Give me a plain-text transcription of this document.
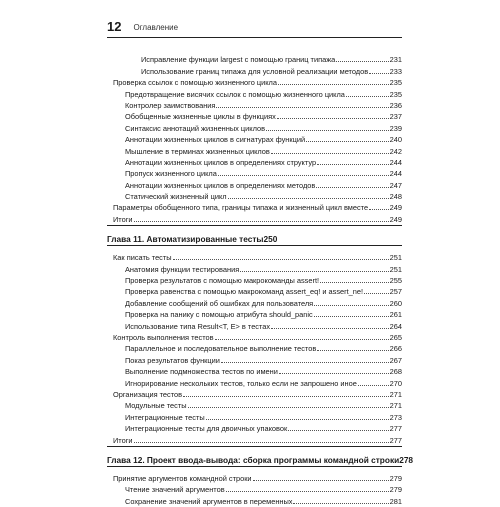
12 Оглавление
Исправление функции largest с помощью границ типажа	231
Использование границ типажа для условной реализации методов	233
Проверка ссылок с помощью жизненного цикла	235
Предотвращение висячих ссылок с помощью жизненного цикла	235
Контролер заимствования	236
Обобщенные жизненные циклы в функциях	237
Синтаксис аннотаций жизненных циклов	239
Аннотации жизненных циклов в сигнатурах функций	240
Мышление в терминах жизненных циклов	242
Аннотации жизненных циклов в определениях структур	244
Пропуск жизненного цикла	244
Аннотации жизненных циклов в определениях методов	247
Статический жизненный цикл	248
Параметры обобщенного типа, границы типажа и жизненный цикл вместе	249
Итоги	249
Глава 11. Автоматизированные тесты 250
Как писать тесты	251
Анатомия функции тестирования	251
Проверка результатов с помощью макрокоманды assert!	255
Проверка равенства с помощью макрокоманд assert_eq! и assert_ne!	257
Добавление сообщений об ошибках для пользователя	260
Проверка на панику с помощью атрибута should_panic	261
Использование типа Result<T, E> в тестах	264
Контроль выполнения тестов	265
Параллельное и последовательное выполнение тестов	266
Показ результатов функции	267
Выполнение подмножества тестов по имени	268
Игнорирование нескольких тестов, только если не запрошено иное	270
Организация тестов	271
Модульные тесты	271
Интеграционные тесты	273
Интеграционные тесты для двоичных упаковок	277
Итоги	277
Глава 12. Проект ввода-вывода: сборка программы командной строки 278
Принятие аргументов командной строки	279
Чтение значений аргументов	279
Сохранение значений аргументов в переменных	281
